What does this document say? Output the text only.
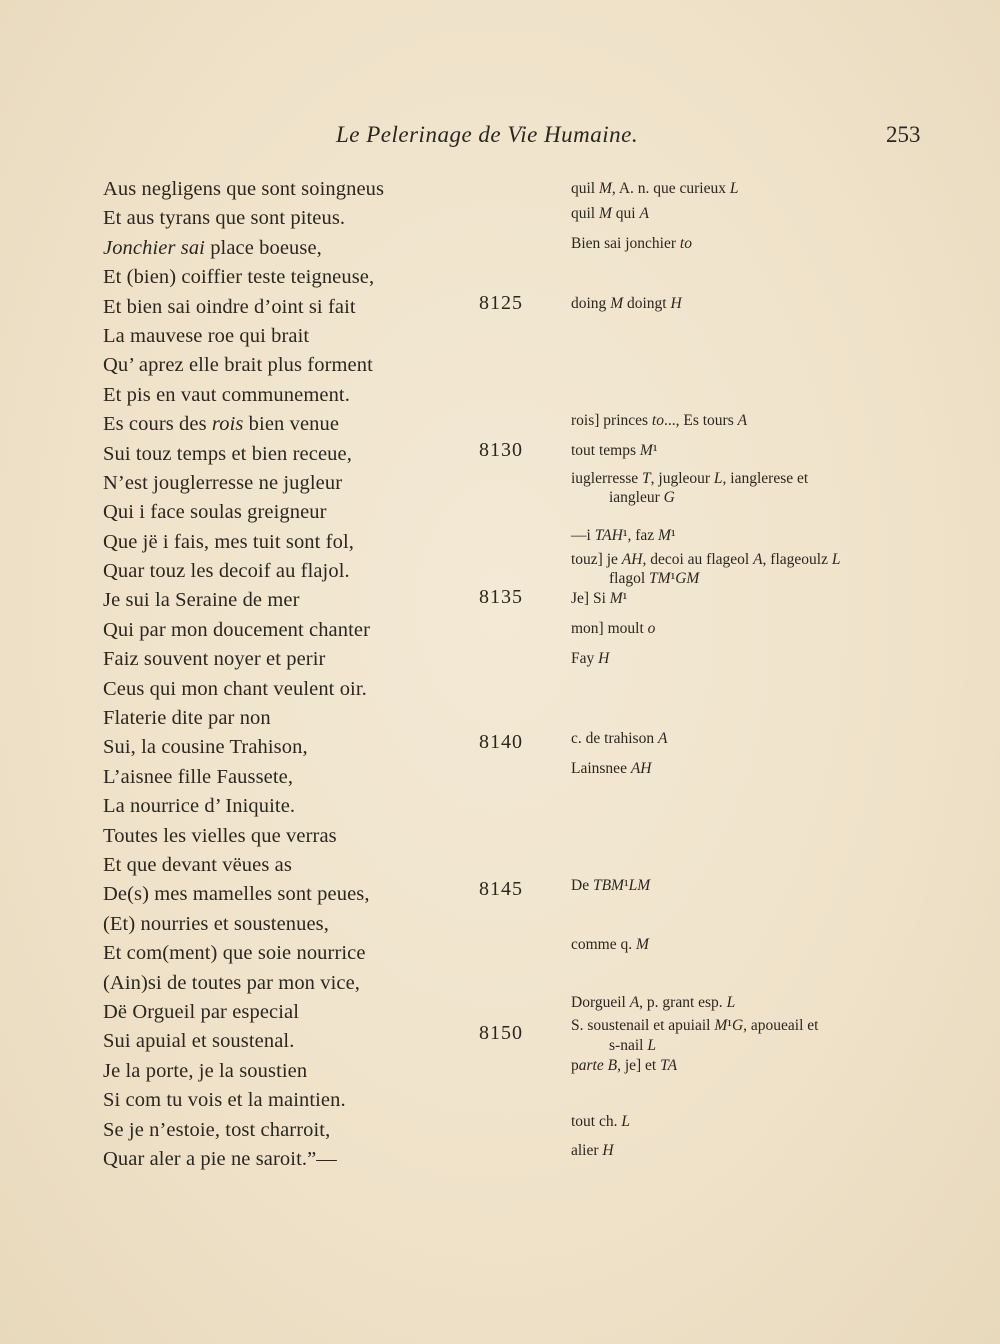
Le Pelerinage de Vie Humaine.	253
Aus negligens que sont soingneus
Et aus tyrans que sont piteus.
Jonchier sai place boeuse,
Et (bien) coiffier teste teigneuse,
Et bien sai oindre d’oint si fait
La mauvese roe qui brait
Qu’ aprez elle brait plus forment
Et pis en vaut communement.
Es cours des rois bien venue
Sui touz temps et bien receue,
N’est jouglerresse ne jugleur
Qui i face soulas greigneur
Que jë i fais, mes tuit sont fol,
Quar touz les decoif au flajol.
Je sui la Seraine de mer
Qui par mon doucement chanter
Faiz souvent noyer et perir
Ceus qui mon chant veulent oir.
Flaterie dite par non
Sui, la cousine Trahison,
L’aisnee fille Faussete,
La nourrice d’ Iniquite.
Toutes les vielles que verras
Et que devant vëues as
De(s) mes mamelles sont peues,
(Et) nourries et soustenues,
Et com(ment) que soie nourrice
(Ain)si de toutes par mon vice,
Dë Orgueil par especial
Sui apuial et soustenal.
Je la porte, je la soustien
Si com tu vois et la maintien.
Se je n’estoie, tost charroit,
Quar aler a pie ne saroit.”—
8125
8130
8135
8140
8145
8150
quil M, A. n. que curieux L
quil M qui A
Bien sai jonchier to
doing M doingt H
rois] princes to..., Es tours A
tout temps M¹
iuglerresse T, jugleour L, ianglerese et
iangleur G
—i TAH¹, faz M¹
touz] je AH, decoi au flageol A, flageoulz L
flagol TM¹GM
Je] Si M¹
mon] moult o
Fay H
c. de trahison A
Lainsnee AH
De TBM¹LM
comme q. M
Dorgueil A, p. grant esp. L
S. soustenail et apuiail M¹G, apoueail et
s-nail L
parte B, je] et TA
tout ch. L
alier H
